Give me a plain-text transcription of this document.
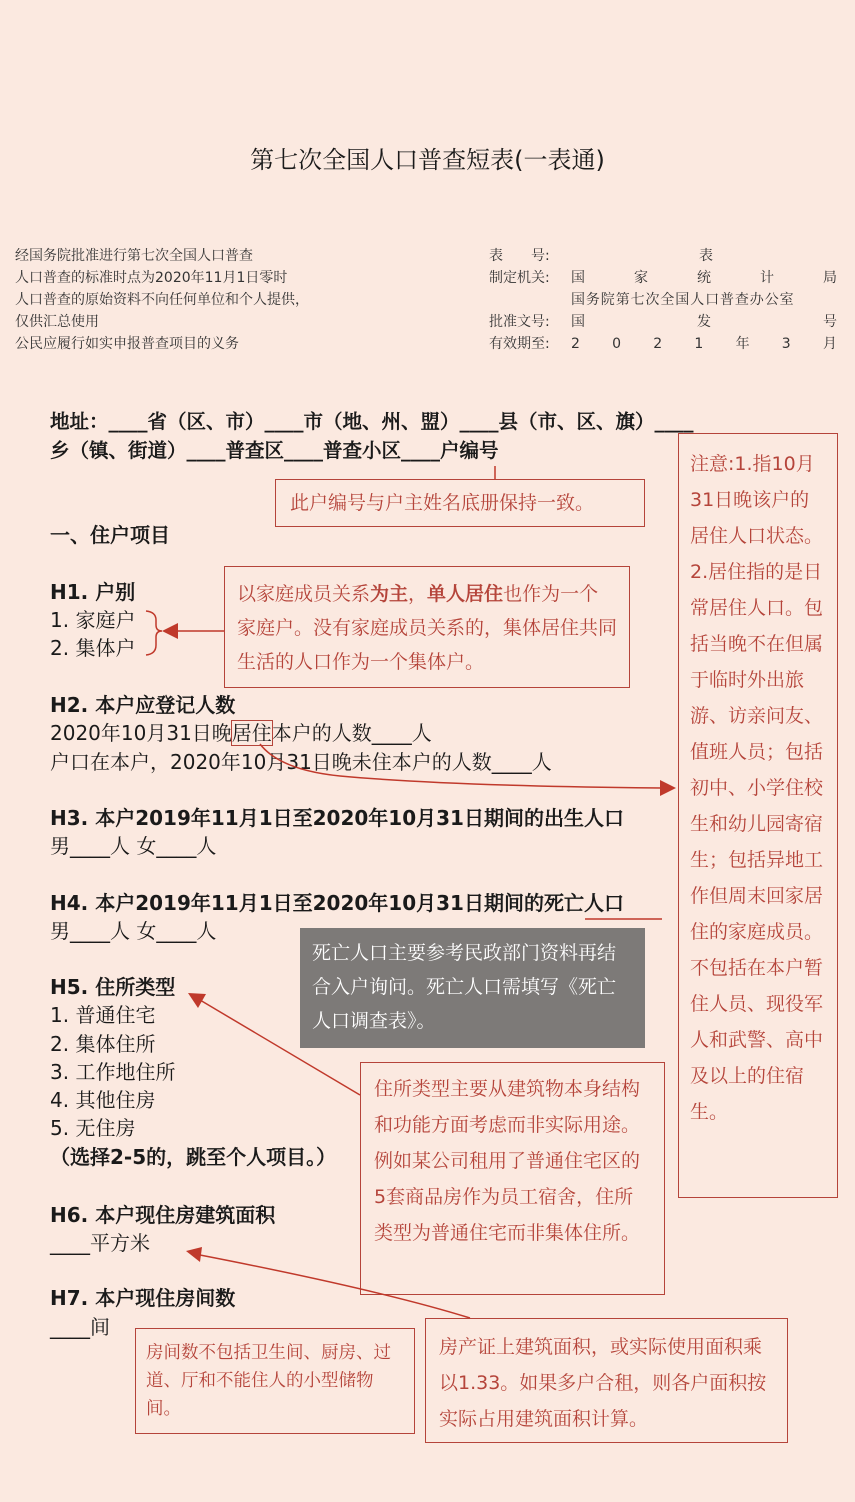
第七次全国人口普查短表(一表通)
经国务院批准进行第七次全国人口普查
人口普查的标准时点为2020年11月1日零时
人口普查的原始资料不向任何单位和个人提供，
仅供汇总使用
公民应履行如实申报普查项目的义务
表　　号:	表
制定机关:	国	家	统	计	局
国务院第七次全国人口普查办公室
批准文号:	国	发	号
有效期至:	2 0 2 1 年 3 月
地址：____省（区、市）____市（地、州、盟）____县（市、区、旗）____
乡（镇、街道）____普查区____普查小区____户编号
一、住户项目
H1. 户别
1. 家庭户
2. 集体户
H2. 本户应登记人数
2020年10月31日晚居住本户的人数____人
户口在本户，2020年10月31日晚未住本户的人数____人
H3. 本户2019年11月1日至2020年10月31日期间的出生人口
男____人 女____人
H4. 本户2019年11月1日至2020年10月31日期间的死亡人口
男____人 女____人
H5. 住所类型
1. 普通住宅
2. 集体住所
3. 工作地住所
4. 其他住房
5. 无住房
（选择2-5的，跳至个人项目。）
H6. 本户现住房建筑面积
____平方米
H7. 本户现住房间数
____间
此户编号与户主姓名底册保持一致。
以家庭成员关系为主，单人居住也作为一个家庭户。没有家庭成员关系的，集体居住共同生活的人口作为一个集体户。
注意:1.指10月31日晚该户的居住人口状态。2.居住指的是日常居住人口。包括当晚不在但属于临时外出旅游、访亲问友、值班人员；包括初中、小学住校生和幼儿园寄宿生；包括异地工作但周末回家居住的家庭成员。不包括在本户暂住人员、现役军人和武警、高中及以上的住宿生。
死亡人口主要参考民政部门资料再结合入户询问。死亡人口需填写《死亡人口调查表》。
住所类型主要从建筑物本身结构和功能方面考虑而非实际用途。例如某公司租用了普通住宅区的5套商品房作为员工宿舍，住所类型为普通住宅而非集体住所。
房间数不包括卫生间、厨房、过道、厅和不能住人的小型储物间。
房产证上建筑面积，或实际使用面积乘以1.33。如果多户合租，则各户面积按实际占用建筑面积计算。
